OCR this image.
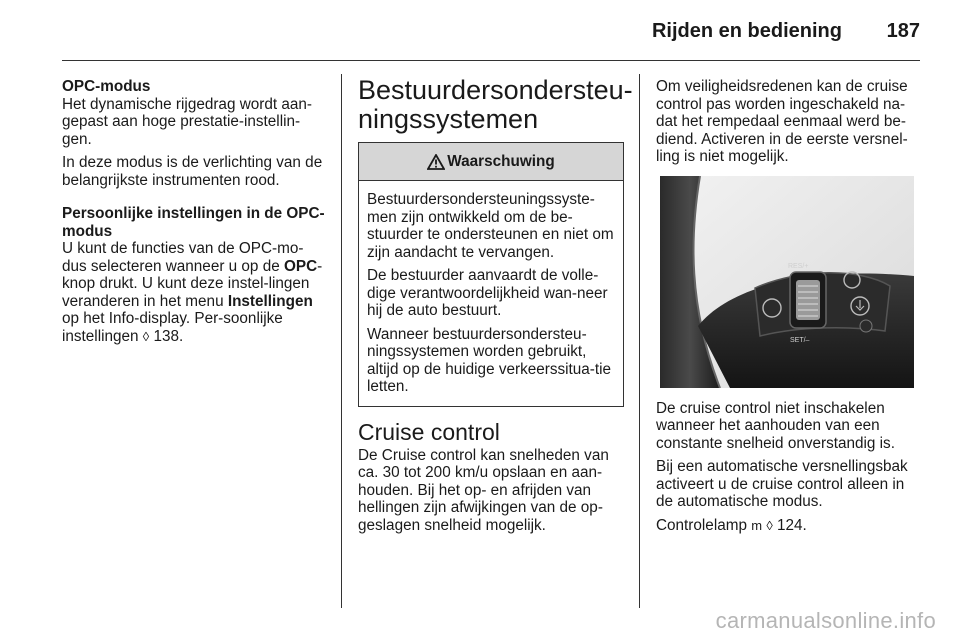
Rijden en bediening 187

OPC-modus
Het dynamische rijgedrag wordt aan-gepast aan hoge prestatie-instellin-gen.

In deze modus is de verlichting van de belangrijkste instrumenten rood.

Persoonlijke instellingen in de OPC-modus
U kunt de functies van de OPC-mo-dus selecteren wanneer u op de OPC-knop drukt. U kunt deze instel-lingen veranderen in het menu Instellingen op het Info-display. Per-soonlijke instellingen ◊ 138.

Bestuurdersondersteu-ningssystemen
Waarschuwing

Bestuurdersondersteuningssyste-men zijn ontwikkeld om de be-stuurder te ondersteunen en niet om zijn aandacht te vervangen.

De bestuurder aanvaardt de volle-dige verantwoordelijkheid wan-neer hij de auto bestuurt.

Wanneer bestuurdersondersteu-ningssystemen worden gebruikt, altijd op de huidige verkeerssitua-tie letten.

Cruise control

De Cruise control kan snelheden van ca. 30 tot 200 km/u opslaan en aan-houden. Bij het op- en afrijden van hellingen zijn afwijkingen van de op-geslagen snelheid mogelijk.

Om veiligheidsredenen kan de cruise control pas worden ingeschakeld na-dat het rempedaal eenmaal werd be-diend. Activeren in de eerste versnel-ling is niet mogelijk.

RES/+
SET/–

De cruise control niet inschakelen wanneer het aanhouden van een constante snelheid onverstandig is.

Bij een automatische versnellingsbak activeert u de cruise control alleen in de automatische modus.

Controlelamp m ◊ 124.

carmanualsonline.info
